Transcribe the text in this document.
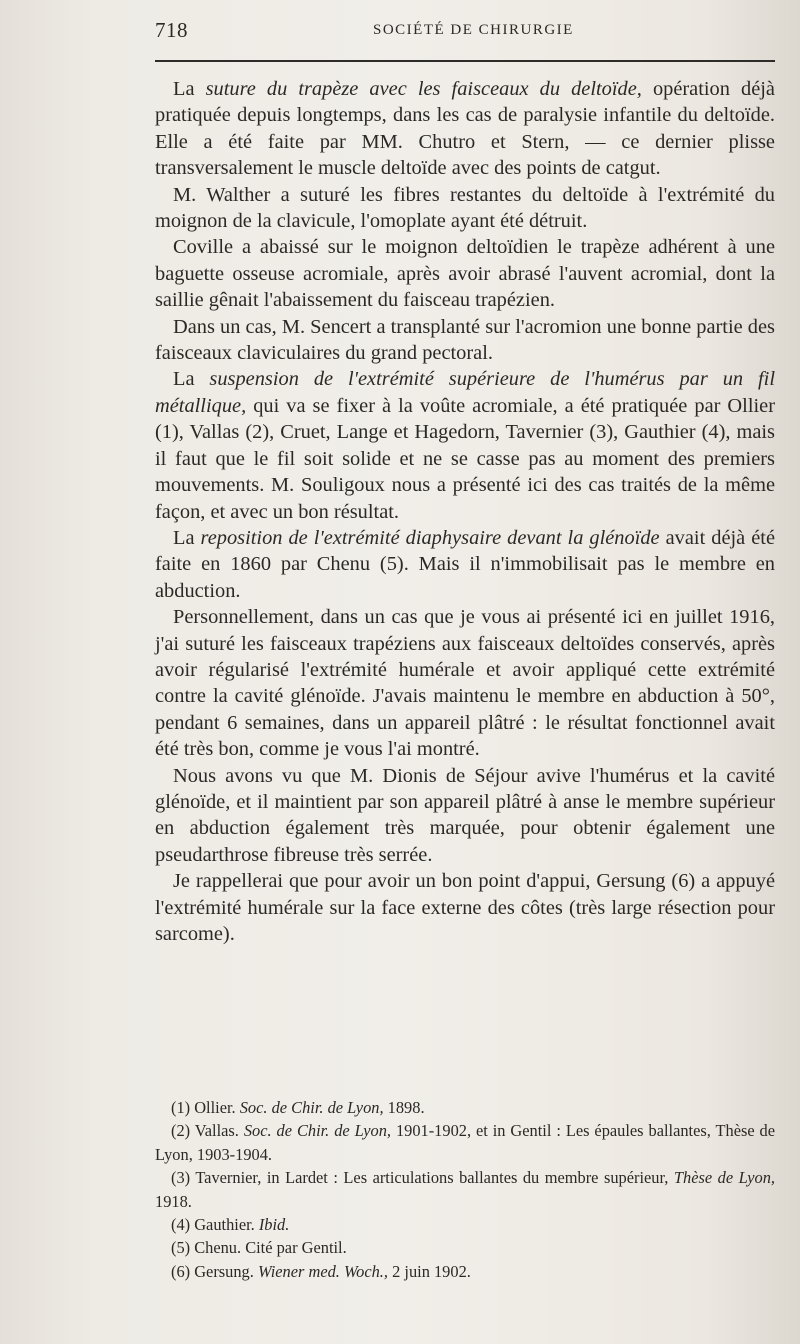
718	SOCIÉTÉ DE CHIRURGIE

La suture du trapèze avec les faisceaux du deltoïde, opération déjà pratiquée depuis longtemps, dans les cas de paralysie infantile du deltoïde. Elle a été faite par MM. Chutro et Stern, — ce dernier plisse transversalement le muscle deltoïde avec des points de catgut.

M. Walther a suturé les fibres restantes du deltoïde à l'extrémité du moignon de la clavicule, l'omoplate ayant été détruit.

Coville a abaissé sur le moignon deltoïdien le trapèze adhérent à une baguette osseuse acromiale, après avoir abrasé l'auvent acromial, dont la saillie gênait l'abaissement du faisceau trapézien.

Dans un cas, M. Sencert a transplanté sur l'acromion une bonne partie des faisceaux claviculaires du grand pectoral.

La suspension de l'extrémité supérieure de l'humérus par un fil métallique, qui va se fixer à la voûte acromiale, a été pratiquée par Ollier (1), Vallas (2), Cruet, Lange et Hagedorn, Tavernier (3), Gauthier (4), mais il faut que le fil soit solide et ne se casse pas au moment des premiers mouvements. M. Souligoux nous a présenté ici des cas traités de la même façon, et avec un bon résultat.

La reposition de l'extrémité diaphysaire devant la glénoïde avait déjà été faite en 1860 par Chenu (5). Mais il n'immobilisait pas le membre en abduction.

Personnellement, dans un cas que je vous ai présenté ici en juillet 1916, j'ai suturé les faisceaux trapéziens aux faisceaux deltoïdes conservés, après avoir régularisé l'extrémité humérale et avoir appliqué cette extrémité contre la cavité glénoïde. J'avais maintenu le membre en abduction à 50°, pendant 6 semaines, dans un appareil plâtré : le résultat fonctionnel avait été très bon, comme je vous l'ai montré.

Nous avons vu que M. Dionis de Séjour avive l'humérus et la cavité glénoïde, et il maintient par son appareil plâtré à anse le membre supérieur en abduction également très marquée, pour obtenir également une pseudarthrose fibreuse très serrée.

Je rappellerai que pour avoir un bon point d'appui, Gersung (6) a appuyé l'extrémité humérale sur la face externe des côtes (très large résection pour sarcome).

(1) Ollier. Soc. de Chir. de Lyon, 1898.

(2) Vallas. Soc. de Chir. de Lyon, 1901-1902, et in Gentil : Les épaules ballantes, Thèse de Lyon, 1903-1904.

(3) Tavernier, in Lardet : Les articulations ballantes du membre supérieur, Thèse de Lyon, 1918.

(4) Gauthier. Ibid.

(5) Chenu. Cité par Gentil.

(6) Gersung. Wiener med. Woch., 2 juin 1902.
